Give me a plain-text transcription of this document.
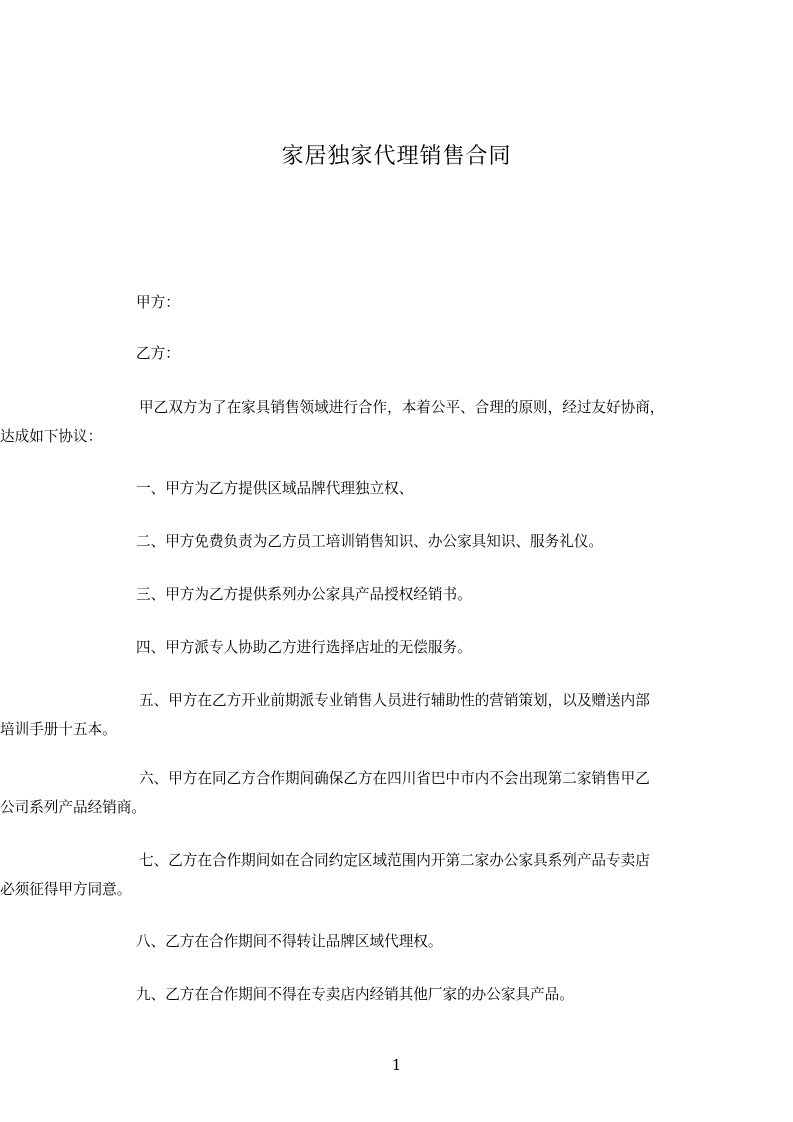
家居独家代理销售合同
甲方：
乙方：
甲乙双方为了在家具销售领域进行合作，本着公平、合理的原则，经过友好协商，
达成如下协议：
一、甲方为乙方提供区域品牌代理独立权、
二、甲方免费负责为乙方员工培训销售知识、办公家具知识、服务礼仪。
三、甲方为乙方提供系列办公家具产品授权经销书。
四、甲方派专人协助乙方进行选择店址的无偿服务。
五、甲方在乙方开业前期派专业销售人员进行辅助性的营销策划，以及赠送内部
培训手册十五本。
六、甲方在同乙方合作期间确保乙方在四川省巴中市内不会出现第二家销售甲乙
公司系列产品经销商。
七、乙方在合作期间如在合同约定区域范围内开第二家办公家具系列产品专卖店
必须征得甲方同意。
八、乙方在合作期间不得转让品牌区域代理权。
九、乙方在合作期间不得在专卖店内经销其他厂家的办公家具产品。
1
